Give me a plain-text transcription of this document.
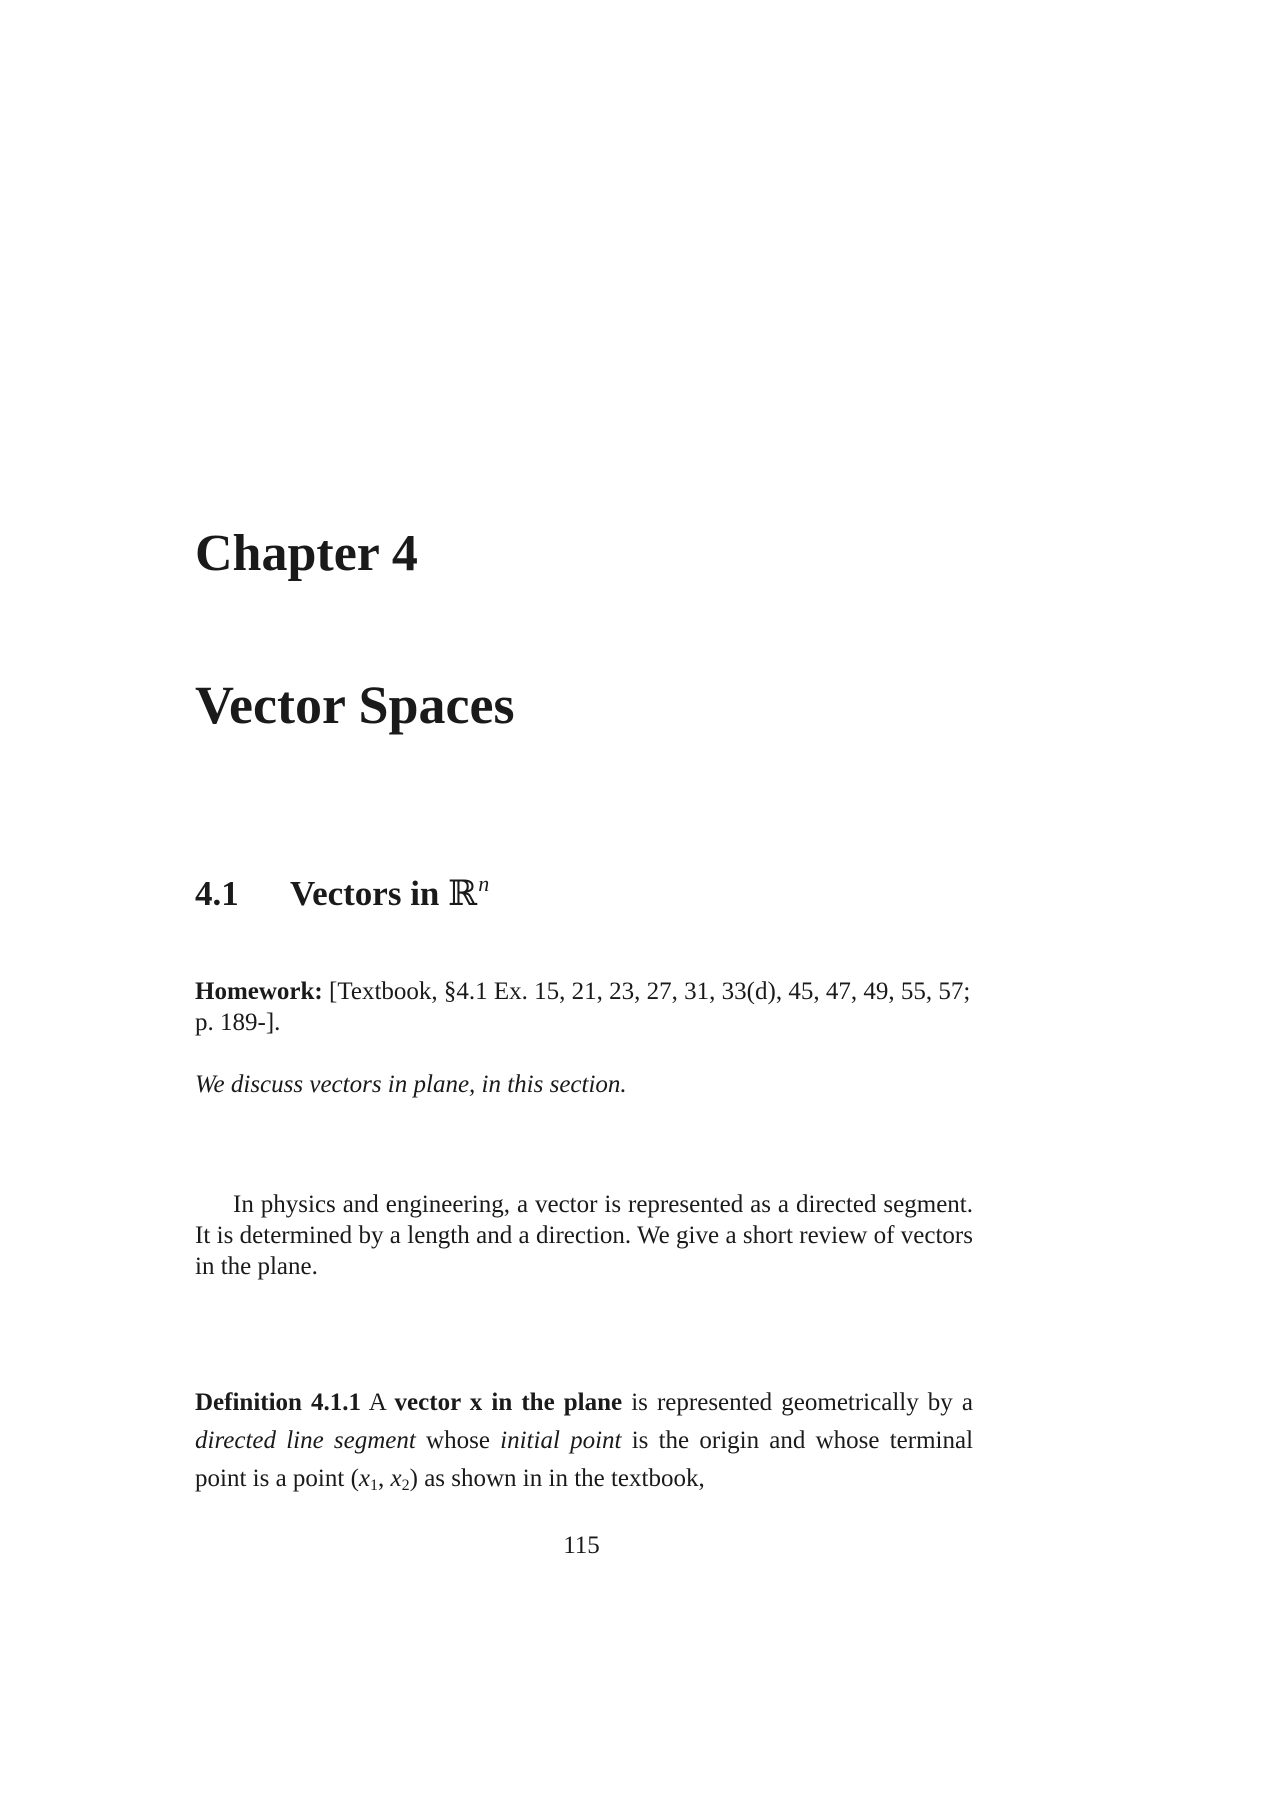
Chapter 4
Vector Spaces
4.1 Vectors in ℝ$^n$
Homework: [Textbook, §4.1 Ex. 15, 21, 23, 27, 31, 33(d), 45, 47, 49, 55, 57; p. 189-].
We discuss vectors in plane, in this section.
In physics and engineering, a vector is represented as a directed segment. It is determined by a length and a direction. We give a short review of vectors in the plane.
Definition 4.1.1 A vector x in the plane is represented geometrically by a directed line segment whose initial point is the origin and whose terminal point is a point ($x_1$, $x_2$) as shown in in the textbook,
115
